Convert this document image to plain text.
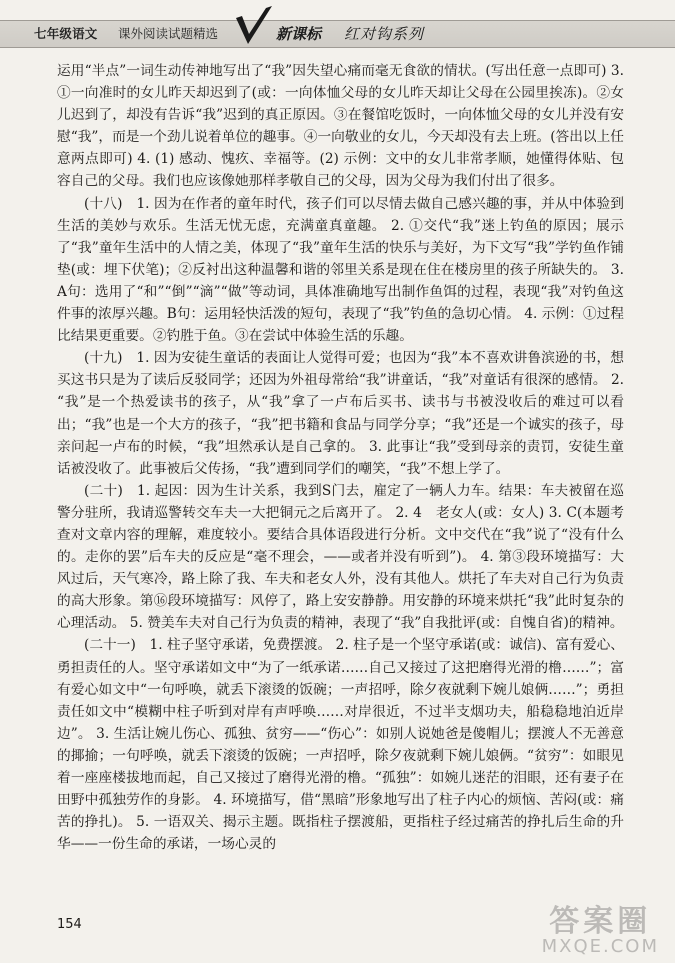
七年级语文 课外阅读试题精选	新课标 红对钩系列

运用“半点”一词生动传神地写出了“我”因失望心痛而毫无食欲的情状。(写出任意一点即可) 3. ①一向准时的女儿昨天却迟到了(或：一向体恤父母的女儿昨天却让父母在公园里挨冻)。②女儿迟到了，却没有告诉“我”迟到的真正原因。③在餐馆吃饭时，一向体恤父母的女儿并没有安慰“我”，而是一个劲儿说着单位的趣事。④一向敬业的女儿，今天却没有去上班。(答出以上任意两点即可) 4. (1) 感动、愧疚、幸福等。(2) 示例：文中的女儿非常孝顺，她懂得体贴、包容自己的父母。我们也应该像她那样孝敬自己的父母，因为父母为我们付出了很多。

(十八)　1. 因为在作者的童年时代，孩子们可以尽情去做自己感兴趣的事，并从中体验到生活的美妙与欢乐。生活无忧无虑，充满童真童趣。 2. ①交代“我”迷上钓鱼的原因；展示了“我”童年生活中的人情之美，体现了“我”童年生活的快乐与美好，为下文写“我”学钓鱼作铺垫(或：埋下伏笔)；②反衬出这种温馨和谐的邻里关系是现在住在楼房里的孩子所缺失的。 3. A句：选用了“和”“倒”“滴”“做”等动词，具体准确地写出制作鱼饵的过程，表现“我”对钓鱼这件事的浓厚兴趣。B句：运用轻快活泼的短句，表现了“我”钓鱼的急切心情。 4. 示例：①过程比结果更重要。②钓胜于鱼。③在尝试中体验生活的乐趣。

(十九)　1. 因为安徒生童话的表面让人觉得可爱；也因为“我”本不喜欢讲鲁滨逊的书，想买这书只是为了读后反驳同学；还因为外祖母常给“我”讲童话，“我”对童话有很深的感情。 2. “我”是一个热爱读书的孩子，从“我”拿了一卢布后买书、读书与书被没收后的难过可以看出；“我”也是一个大方的孩子，“我”把书籍和食品与同学分享；“我”还是一个诚实的孩子，母亲问起一卢布的时候，“我”坦然承认是自己拿的。 3. 此事让“我”受到母亲的责罚，安徒生童话被没收了。此事被后父传扬，“我”遭到同学们的嘲笑，“我”不想上学了。

(二十)　1. 起因：因为生计关系，我到S门去，雇定了一辆人力车。结果：车夫被留在巡警分驻所，我请巡警转交车夫一大把铜元之后离开了。 2. 4　老女人(或：女人) 3. C(本题考查对文章内容的理解，难度较小。要结合具体语段进行分析。文中交代在“我”说了“没有什么的。走你的罢”后车夫的反应是“毫不理会，——或者并没有听到”)。 4. 第③段环境描写：大风过后，天气寒冷，路上除了我、车夫和老女人外，没有其他人。烘托了车夫对自己行为负责的高大形象。第⑯段环境描写：风停了，路上安安静静。用安静的环境来烘托“我”此时复杂的心理活动。 5. 赞美车夫对自己行为负责的精神，表现了“我”自我批评(或：自愧自省)的精神。

(二十一)　1. 柱子坚守承诺，免费摆渡。 2. 柱子是一个坚守承诺(或：诚信)、富有爱心、勇担责任的人。坚守承诺如文中“为了一纸承诺……自己又接过了这把磨得光滑的橹……”；富有爱心如文中“一句呼唤，就丢下滚烫的饭碗；一声招呼，除夕夜就剩下婉儿娘俩……”；勇担责任如文中“模糊中柱子听到对岸有声呼唤……对岸很近，不过半支烟功夫，船稳稳地泊近岸边”。 3. 生活让婉儿伤心、孤独、贫穷——“伤心”：如别人说她爸是傻帽儿；摆渡人不无善意的揶揄；一句呼唤，就丢下滚烫的饭碗；一声招呼，除夕夜就剩下婉儿娘俩。“贫穷”：如眼见着一座座楼拔地而起，自己又接过了磨得光滑的橹。“孤独”：如婉儿迷茫的泪眼，还有妻子在田野中孤独劳作的身影。 4. 环境描写，借“黑暗”形象地写出了柱子内心的烦恼、苦闷(或：痛苦的挣扎)。 5. 一语双关、揭示主题。既指柱子摆渡船，更指柱子经过痛苦的挣扎后生命的升华——一份生命的承诺，一场心灵的

154	答案圈
MXQE.COM
